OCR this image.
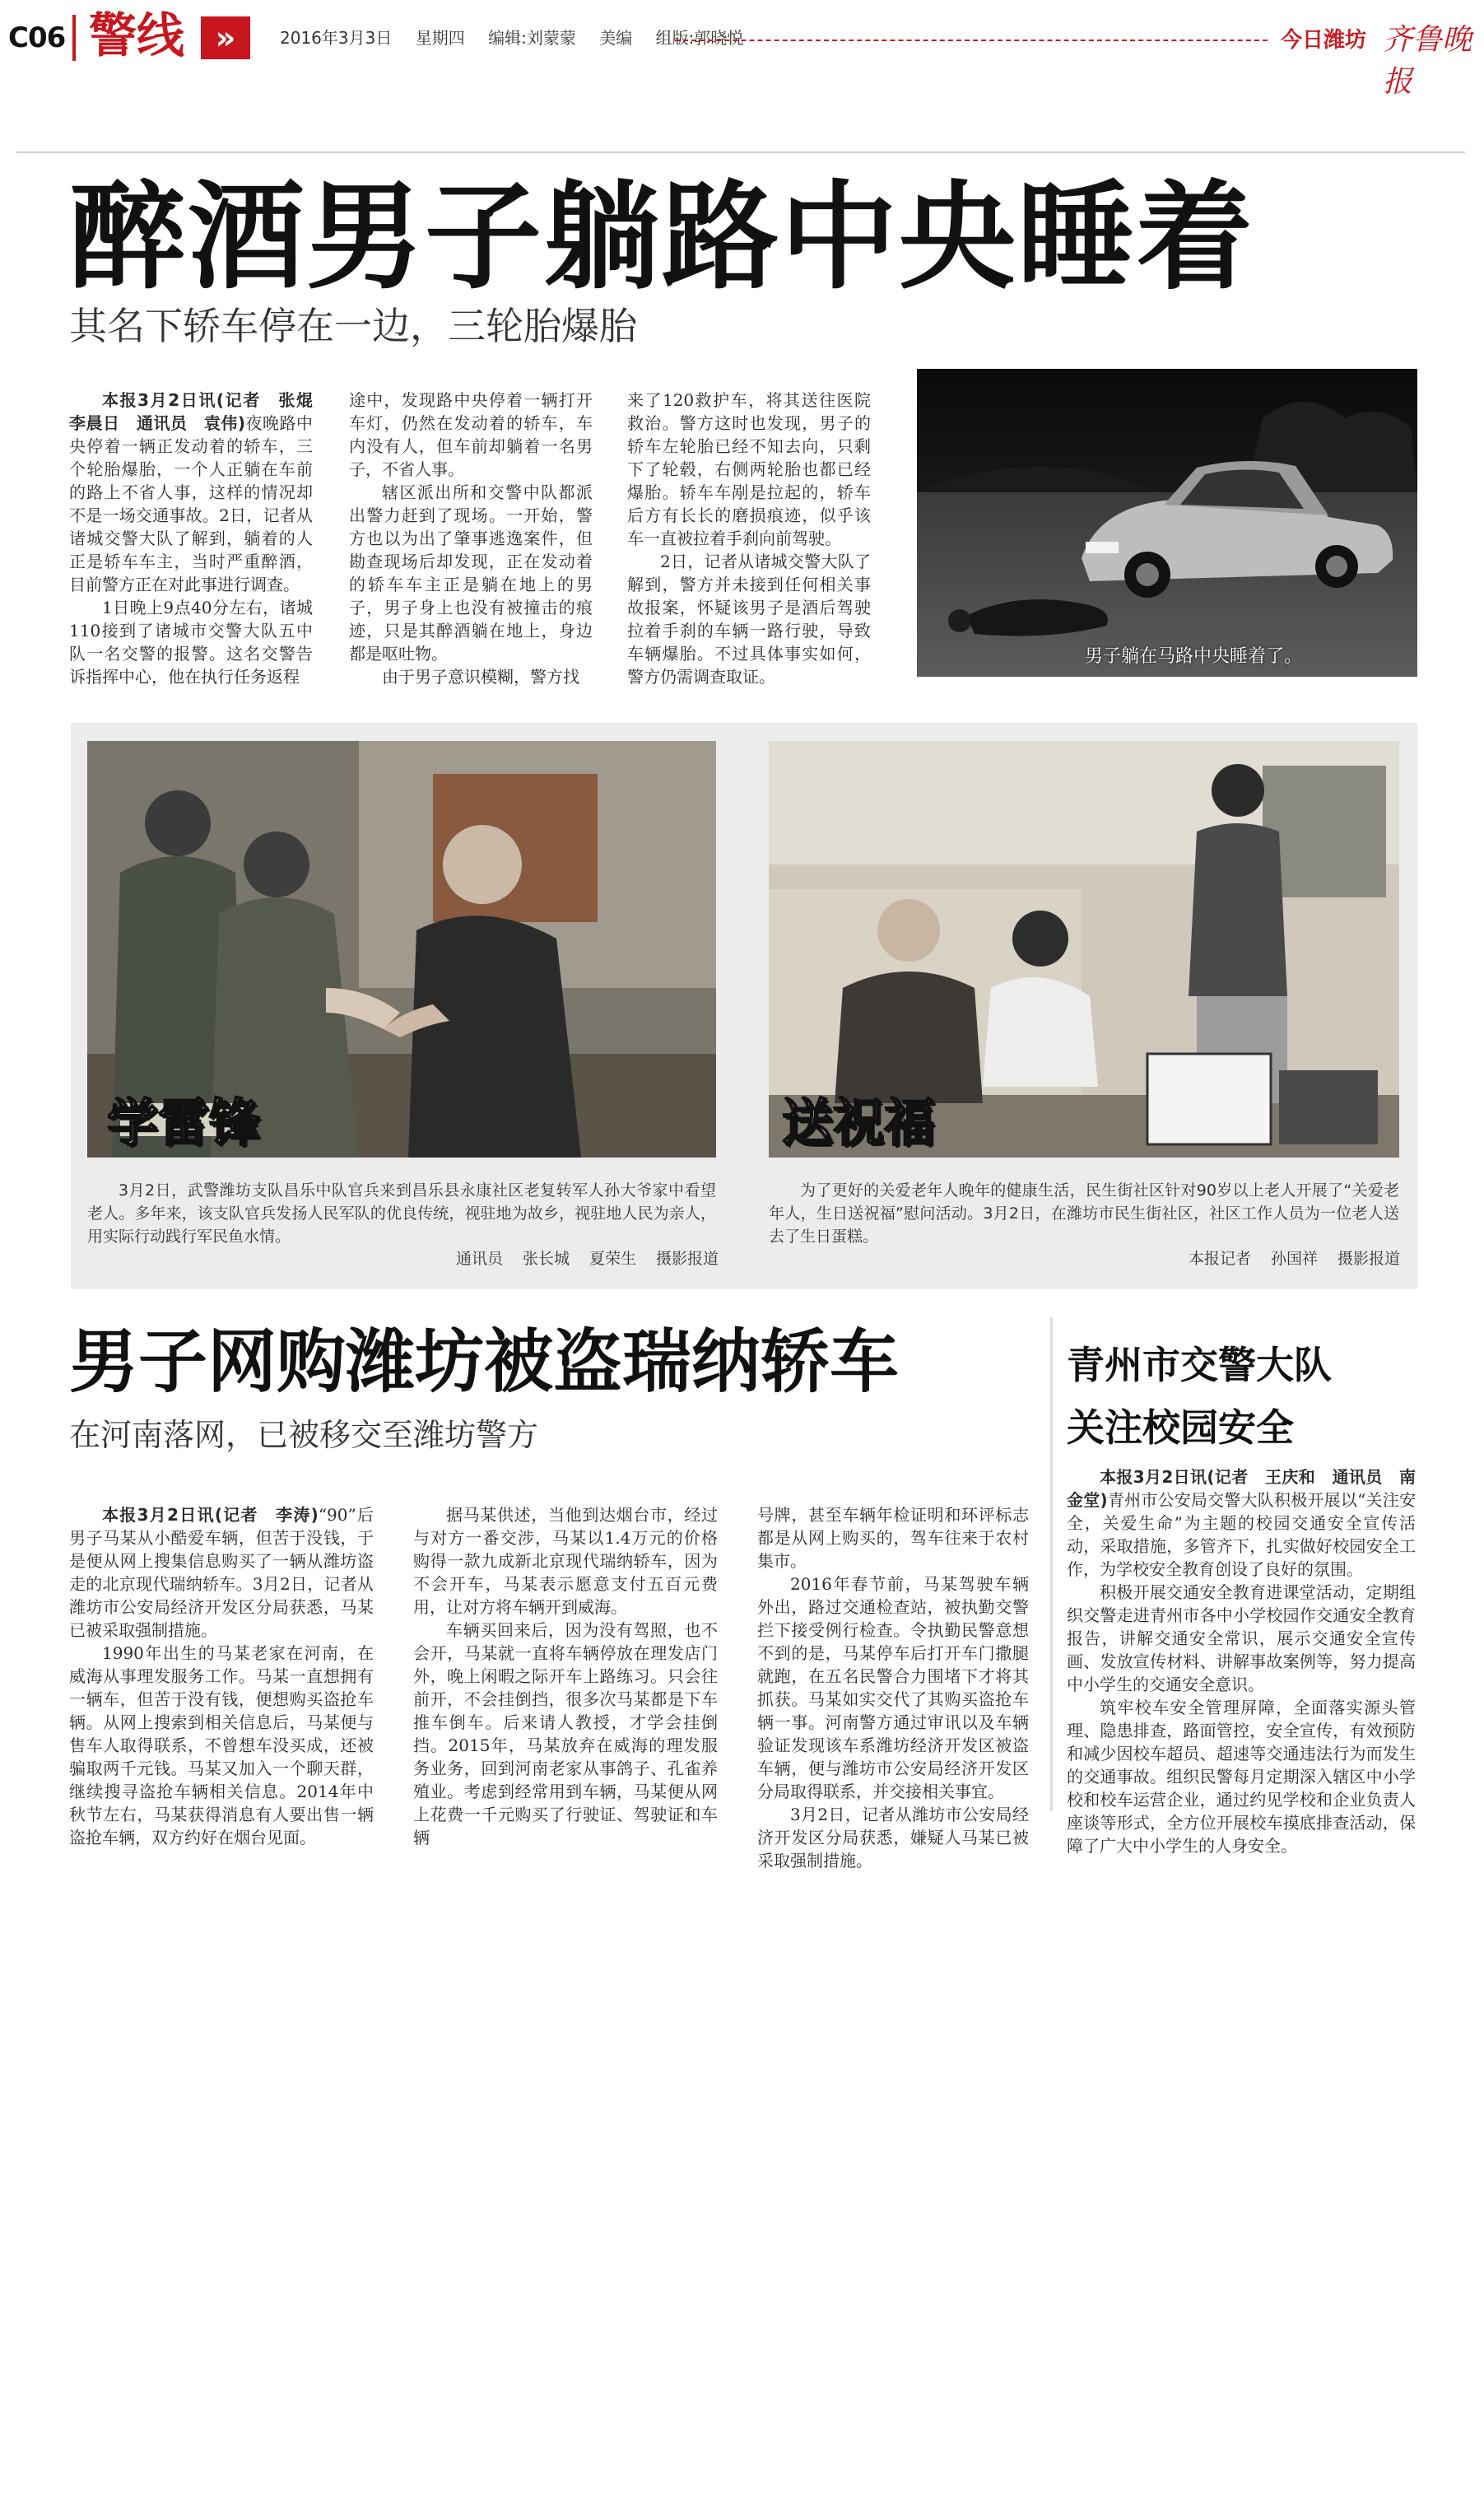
C06 警线 »	2016年3月3日 星期四 编辑:刘蒙蒙 美编 组版:郭晓悦	今日潍坊 齐鲁晚报
醉酒男子躺路中央睡着
其名下轿车停在一边，三轮胎爆胎

本报3月2日讯(记者　张焜　李晨日　通讯员　袁伟)夜晚路中央停着一辆正发动着的轿车，三个轮胎爆胎，一个人正躺在车前的路上不省人事，这样的情况却不是一场交通事故。2日，记者从诸城交警大队了解到，躺着的人正是轿车车主，当时严重醉酒，目前警方正在对此事进行调查。

1日晚上9点40分左右，诸城110接到了诸城市交警大队五中队一名交警的报警。这名交警告诉指挥中心，他在执行任务返程

途中，发现路中央停着一辆打开车灯，仍然在发动着的轿车，车内没有人，但车前却躺着一名男子，不省人事。

辖区派出所和交警中队都派出警力赶到了现场。一开始，警方也以为出了肇事逃逸案件，但勘查现场后却发现，正在发动着的轿车车主正是躺在地上的男子，男子身上也没有被撞击的痕迹，只是其醉酒躺在地上，身边都是呕吐物。

由于男子意识模糊，警方找

来了120救护车，将其送往医院救治。警方这时也发现，男子的轿车左轮胎已经不知去向，只剩下了轮毂，右侧两轮胎也都已经爆胎。轿车车剐是拉起的，轿车后方有长长的磨损痕迹，似乎该车一直被拉着手刹向前驾驶。

2日，记者从诸城交警大队了解到，警方并未接到任何相关事故报案，怀疑该男子是酒后驾驶拉着手刹的车辆一路行驶，导致车辆爆胎。不过具体事实如何，警方仍需调查取证。

男子躺在马路中央睡着了。
学雷锋	送祝福

3月2日，武警潍坊支队昌乐中队官兵来到昌乐县永康社区老复转军人孙大爷家中看望老人。多年来，该支队官兵发扬人民军队的优良传统，视驻地为故乡，视驻地人民为亲人，用实际行动践行军民鱼水情。

通讯员 张长城 夏荣生 摄影报道

为了更好的关爱老年人晚年的健康生活，民生街社区针对90岁以上老人开展了“关爱老年人，生日送祝福”慰问活动。3月2日，在潍坊市民生街社区，社区工作人员为一位老人送去了生日蛋糕。

本报记者 孙国祥 摄影报道
男子网购潍坊被盗瑞纳轿车
在河南落网，已被移交至潍坊警方

本报3月2日讯(记者　李涛)“90”后男子马某从小酷爱车辆，但苦于没钱，于是便从网上搜集信息购买了一辆从潍坊盗走的北京现代瑞纳轿车。3月2日，记者从潍坊市公安局经济开发区分局获悉，马某已被采取强制措施。

1990年出生的马某老家在河南，在威海从事理发服务工作。马某一直想拥有一辆车，但苦于没有钱，便想购买盗抢车辆。从网上搜索到相关信息后，马某便与售车人取得联系，不曾想车没买成，还被骗取两千元钱。马某又加入一个聊天群，继续搜寻盗抢车辆相关信息。2014年中秋节左右，马某获得消息有人要出售一辆盗抢车辆，双方约好在烟台见面。

据马某供述，当他到达烟台市，经过与对方一番交涉，马某以1.4万元的价格购得一款九成新北京现代瑞纳轿车，因为不会开车，马某表示愿意支付五百元费用，让对方将车辆开到威海。

车辆买回来后，因为没有驾照，也不会开，马某就一直将车辆停放在理发店门外，晚上闲暇之际开车上路练习。只会往前开，不会挂倒挡，很多次马某都是下车推车倒车。后来请人教授，才学会挂倒挡。2015年，马某放弃在威海的理发服务业务，回到河南老家从事鸽子、孔雀养殖业。考虑到经常用到车辆，马某便从网上花费一千元购买了行驶证、驾驶证和车辆

号牌，甚至车辆年检证明和环评标志都是从网上购买的，驾车往来于农村集市。

2016年春节前，马某驾驶车辆外出，路过交通检查站，被执勤交警拦下接受例行检查。令执勤民警意想不到的是，马某停车后打开车门撒腿就跑，在五名民警合力围堵下才将其抓获。马某如实交代了其购买盗抢车辆一事。河南警方通过审讯以及车辆验证发现该车系潍坊经济开发区被盗车辆，便与潍坊市公安局经济开发区分局取得联系，并交接相关事宜。

3月2日，记者从潍坊市公安局经济开发区分局获悉，嫌疑人马某已被采取强制措施。

青州市交警大队
关注校园安全

本报3月2日讯(记者　王庆和　通讯员　南金堂)青州市公安局交警大队积极开展以“关注安全，关爱生命”为主题的校园交通安全宣传活动，采取措施，多管齐下，扎实做好校园安全工作，为学校安全教育创设了良好的氛围。

积极开展交通安全教育进课堂活动，定期组织交警走进青州市各中小学校园作交通安全教育报告，讲解交通安全常识，展示交通安全宣传画、发放宣传材料、讲解事故案例等，努力提高中小学生的交通安全意识。

筑牢校车安全管理屏障，全面落实源头管理、隐患排查，路面管控，安全宣传，有效预防和减少因校车超员、超速等交通违法行为而发生的交通事故。组织民警每月定期深入辖区中小学校和校车运营企业，通过约见学校和企业负责人座谈等形式，全方位开展校车摸底排查活动，保障了广大中小学生的人身安全。
